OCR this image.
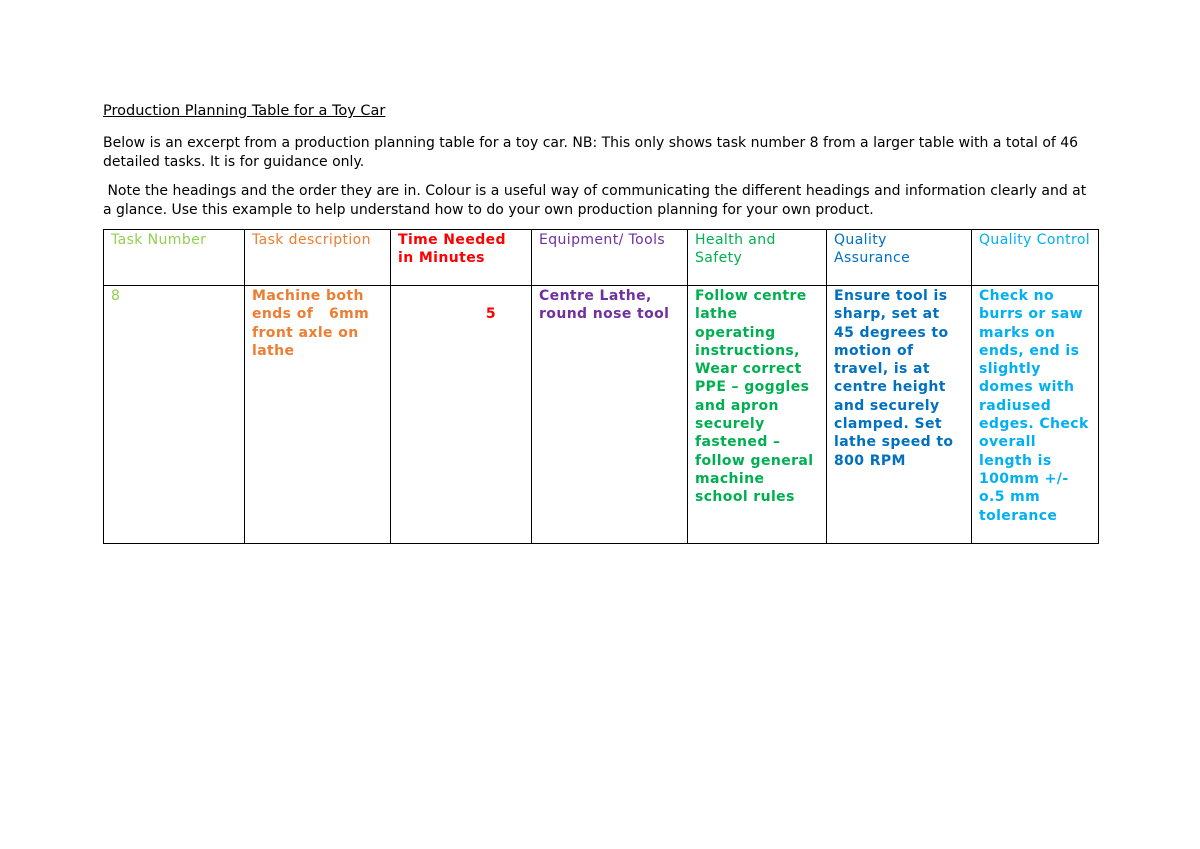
Production Planning Table for a Toy Car
Below is an excerpt from a production planning table for a toy car. NB: This only shows task number 8 from a larger table with a total of 46 detailed tasks. It is for guidance only.
Note the headings and the order they are in. Colour is a useful way of communicating the different headings and information clearly and at a glance. Use this example to help understand how to do your own production planning for your own product.
Task Number	Task description	Time Needed in Minutes	Equipment/ Tools	Health and Safety	Quality Assurance	Quality Control
8	Machine both ends of   6mm front axle on lathe	5	Centre Lathe, round nose tool	Follow centre lathe operating instructions, Wear correct PPE – goggles and apron securely fastened – follow general machine school rules	Ensure tool is sharp, set at 45 degrees to motion of travel, is at centre height and securely clamped. Set lathe speed to 800 RPM	Check no burrs or saw marks on ends, end is slightly domes with radiused edges. Check overall length is 100mm +/- o.5 mm tolerance
